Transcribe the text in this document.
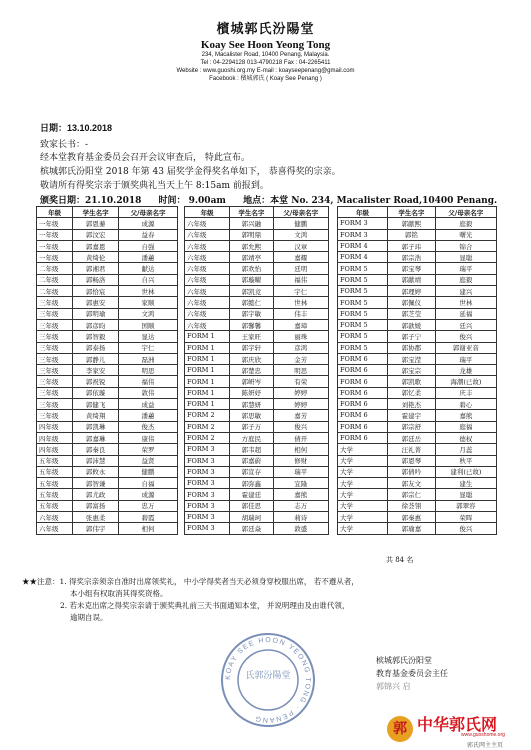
檳城郭氏汾陽堂
Koay See Hoon Yeong Tong
234, Macalister Road, 10400 Penang, Malaysia.
Tel : 04-2294128 013-4790218 Fax : 04-2265411
Website : www.guoshi.org.my E-mail : koayseepenang@gmail.com
Facebook : 檳城郭氏 ( Koay See Penang )
日期：13.10.2018
致家长书：-
经本堂教育基金委员会召开会议审查后， 特此宣布。
槟城郭氏汾阳堂 2018 年第 43 届奖学金得奖名单如下， 恭喜得奖的宗亲。
敬请所有得奖宗亲于颁奖典礼当天上午 8:15am 前报到。
颁奖日期：21.10.2018 时间： 9.00am 地点：本堂 No. 234, Macalister Road,10400 Penang.
年级	学生名字	父/母亲名字
一年级	郭恩蓁	成源
一年级	郭汶宏	益春
一年级	郭嘉恩	自强
一年级	黄绮伦	潘蕙
二年级	郭湘君	献达
二年级	郭畅洛	自兴
二年级	郭恰宸	世林
三年级	郭惠安	家顺
三年级	郭明瑜	文鸿
三年级	郭彦昀	国顺
三年级	郭智毅	显达
三年级	郭泰扬	宇仁
三年级	郭静儿	磊洲
三年级	李家安	明思
三年级	郭祝锐	福伟
三年级	郭依璇	敦伟
三年级	郭健飞	成益
三年级	黄绮翔	潘蕙
四年级	郭凯琳	俊杰
四年级	郭嘉琳	康伟
四年级	郭秦良	荣罗
五年级	郭沛慧	益贤
五年级	郭攸永	健鹏
五年级	郭智谦	自福
五年级	郭尤政	成源
五年级	郭富扬	忠万
六年级	张惠柔	碧霞
六年级	郭伟宇	相何
年级	学生名字	父/母亲名字
六年级	郭兴融	健鹏
六年级	郭明鼎	文鸿
六年级	郭允熙	汉章
六年级	郭靖亭	嘉耀
六年级	郭欢怡	廷明
六年级	郭璇曜	福伟
六年级	郭凯竞	宇仁
六年级	郭懿仁	世林
六年级	郭宇敏	伟丰
六年级	郭馨馨	嘉璋
FORM 1	王家旺	丽珠
FORM 1	郭宇轩	彦鸿
FORM 1	郭庆欣	金芳
FORM 1	郭楚忠	明思
FORM 1	郭岍岑	有荣
FORM 1	陈妍妤	婷婷
FORM 1	郭慧妍	婷婷
FORM 2	郭思敏	嘉芳
FORM 2	郭子万	俊兴
FORM 2	方庭民	倩开
FORM 3	郭韦超	相何
FORM 3	郭嘉蔚	修财
FORM 3	郭宣存	瑞平
FORM 3	郭弥鑫	宜隆
FORM 3	霍建廷	嘉熊
FORM 3	郭佳思	志万
FORM 3	胡瑞珂	莉诗
FORM 3	郭廷焱	敦盛
年级	学生名字	父/母亲名字
FORM 3	郭献熙	庭毅
FORM 3	郭铭	曙光
FORM 4	郭子玮	锦合
FORM 4	郭宗浩	显聪
FORM 5	郭宝琴	瑞平
FORM 5	郭献靖	庭毅
FORM 5	郭理婷	建兴
FORM 5	郭佩仪	世林
FORM 5	郭芝莹	延福
FORM 5	郭歆媛	廷兴
FORM 5	郭子宁	俊兴
FORM 5	郭协郡	郭谢亚音
FORM 6	郭宝滢	瑞平
FORM 6	郭宝宗	龙雄
FORM 6	郭凯歌	海潮(已故)
FORM 6	郭忆柔	庆丰
FORM 6	刘艳杰	碧心
FORM 6	霍建宇	嘉熊
FORM 6	郭宗舒	庭福
FORM 6	郭廷岳	德权
大学	汪礼菁	月蕊
大学	郭恩琴	秋平
大学	郭倩吟	建利(已故)
大学	郭友文	建生
大学	郭宗仁	显聪
大学	徐荟翎	郭翠容
大学	郭秦惠	荣晖
大学	郭瑜嘉	俊兴
共 84 名
★★注意：1. 得奖宗亲须亲自准时出席领奖礼， 中小学得奖者当天必须身穿校服出席， 若不遵从者，
本小组有权取消其得奖资格。
2. 若未克出席之得奖宗亲请于颁奖典礼前三天书面通知本堂， 并说明理由及由谁代领，
逾期自误。
KOAY SEE HOON YEONG TONG · PENANG
氏郭汾陽堂
槟城郭氏汾阳堂
教育基金委员会主任
郭锦兴 启
郭 中华郭氏网
www.guoshome.org
郭氏网主主页
